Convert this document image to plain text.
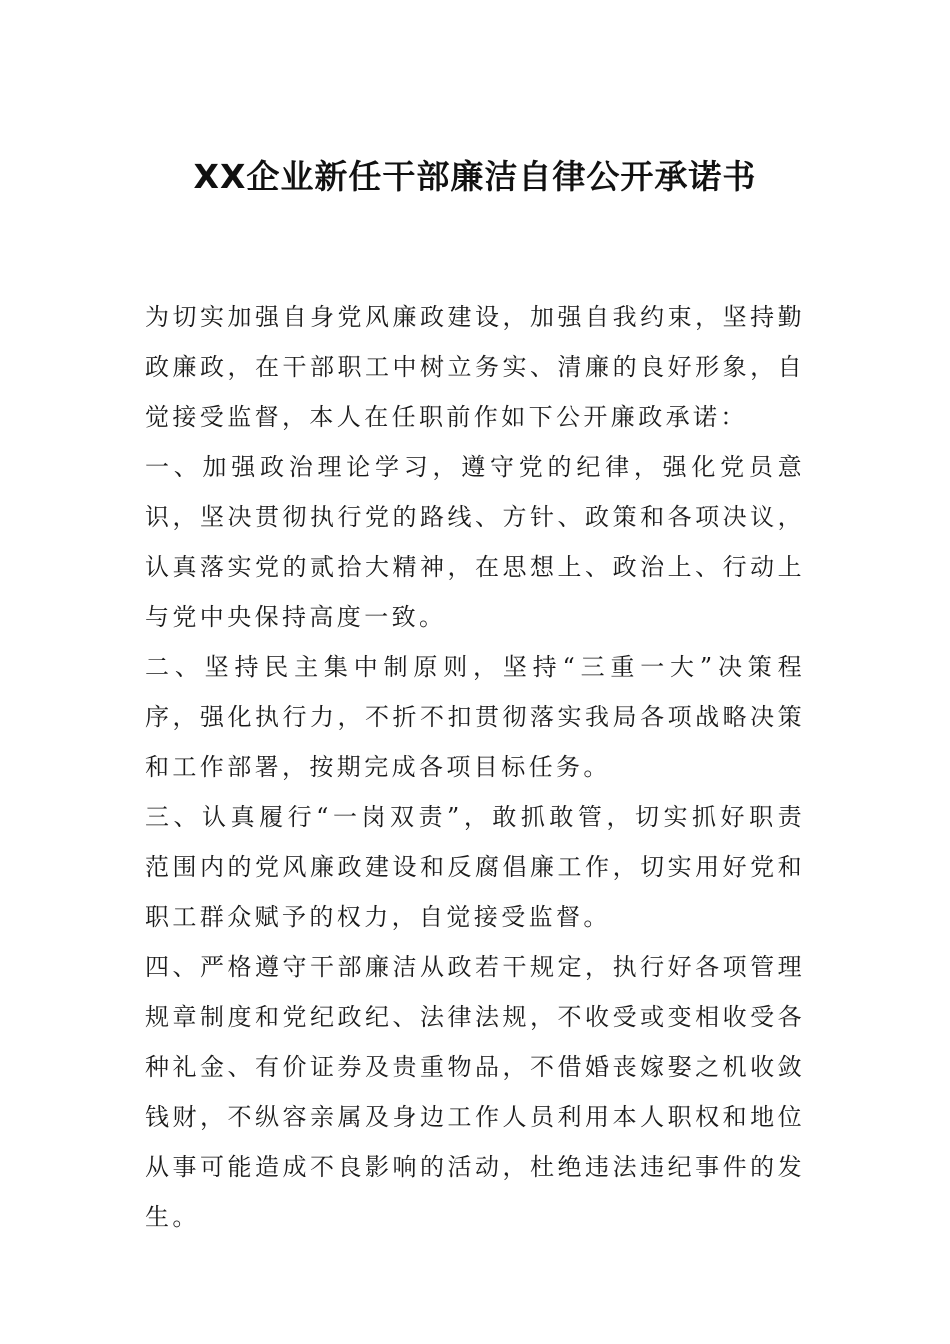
XX企业新任干部廉洁自律公开承诺书

为切实加强自身党风廉政建设，加强自我约束，坚持勤政廉政，在干部职工中树立务实、清廉的良好形象，自觉接受监督，本人在任职前作如下公开廉政承诺：

一、加强政治理论学习，遵守党的纪律，强化党员意识，坚决贯彻执行党的路线、方针、政策和各项决议，认真落实党的贰拾大精神，在思想上、政治上、行动上与党中央保持高度一致。

二、坚持民主集中制原则，坚持“三重一大”决策程序，强化执行力，不折不扣贯彻落实我局各项战略决策和工作部署，按期完成各项目标任务。

三、认真履行“一岗双责”，敢抓敢管，切实抓好职责范围内的党风廉政建设和反腐倡廉工作，切实用好党和职工群众赋予的权力，自觉接受监督。

四、严格遵守干部廉洁从政若干规定，执行好各项管理规章制度和党纪政纪、法律法规，不收受或变相收受各种礼金、有价证券及贵重物品，不借婚丧嫁娶之机收敛钱财，不纵容亲属及身边工作人员利用本人职权和地位从事可能造成不良影响的活动，杜绝违法违纪事件的发生。
